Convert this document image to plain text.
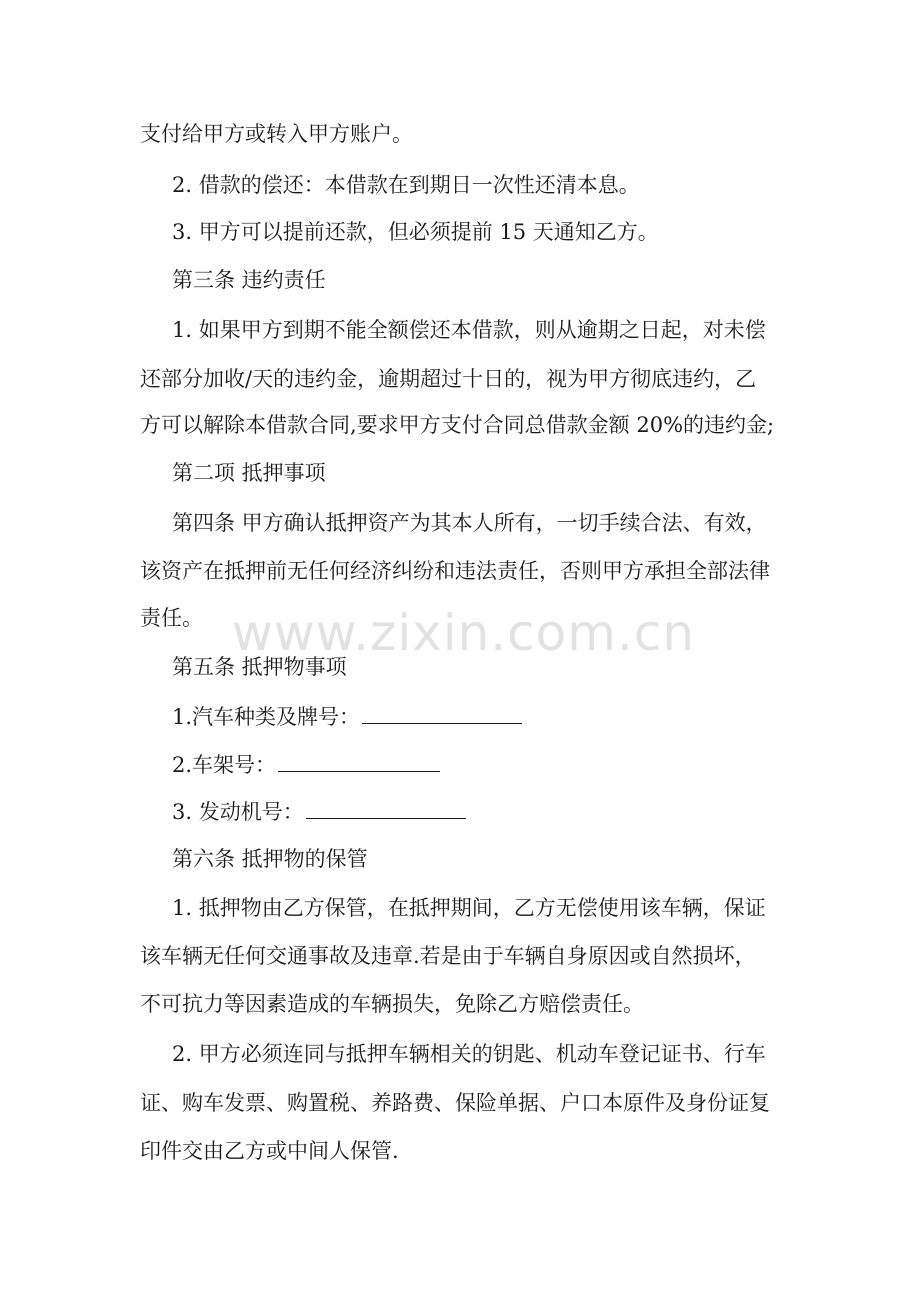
支付给甲方或转入甲方账户。
2. 借款的偿还：本借款在到期日一次性还清本息。
3. 甲方可以提前还款，但必须提前 15 天通知乙方。
第三条 违约责任
1. 如果甲方到期不能全额偿还本借款，则从逾期之日起，对未偿
还部分加收/天的违约金，逾期超过十日的，视为甲方彻底违约，乙
方可以解除本借款合同,要求甲方支付合同总借款金额 20%的违约金;
第二项 抵押事项
第四条 甲方确认抵押资产为其本人所有，一切手续合法、有效，
该资产在抵押前无任何经济纠纷和违法责任，否则甲方承担全部法律
责任。
第五条 抵押物事项
1.汽车种类及牌号：
2.车架号：
3. 发动机号：
第六条 抵押物的保管
1. 抵押物由乙方保管，在抵押期间，乙方无偿使用该车辆，保证
该车辆无任何交通事故及违章.若是由于车辆自身原因或自然损坏，
不可抗力等因素造成的车辆损失，免除乙方赔偿责任。
2. 甲方必须连同与抵押车辆相关的钥匙、机动车登记证书、行车
证、购车发票、购置税、养路费、保险单据、户口本原件及身份证复
印件交由乙方或中间人保管.
www.zixin.com.cn
